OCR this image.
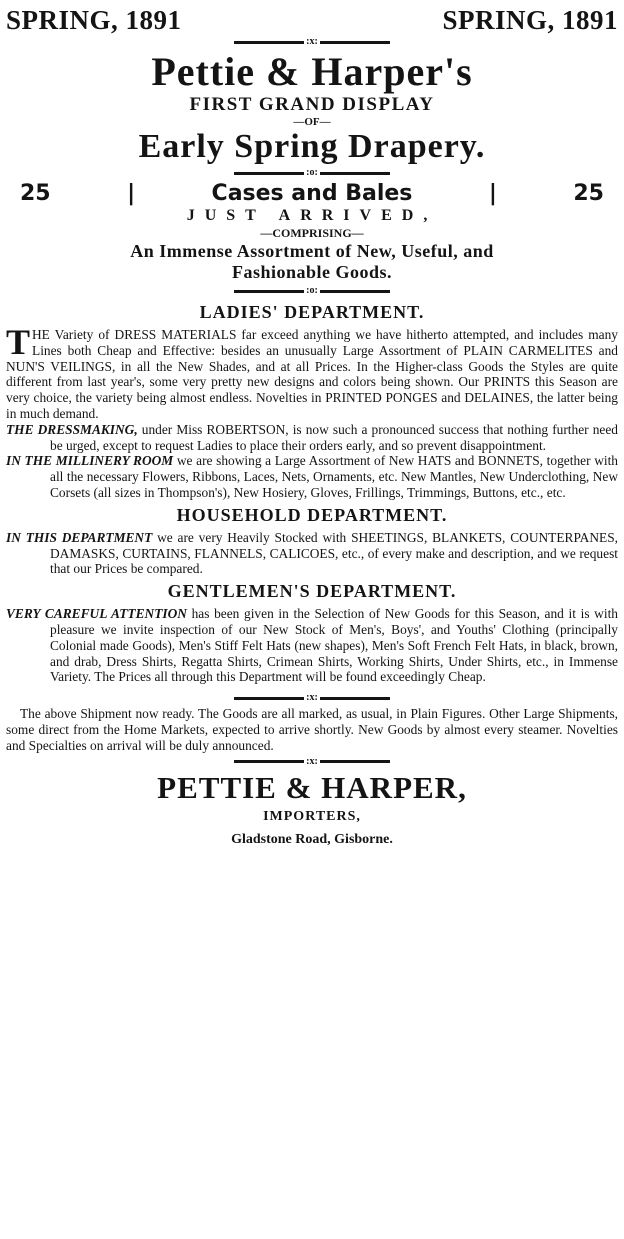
SPRING, 1891	SPRING, 1891
:x:

Pettie & Harper's

FIRST GRAND DISPLAY

—OF—

Early Spring Drapery.

:o:
25	|	Cases and Bales	|	25

JUST ARRIVED,

—COMPRISING—

An Immense Assortment of New, Useful, and

Fashionable Goods.

:o:

LADIES' DEPARTMENT.

THE Variety of DRESS MATERIALS far exceed anything we have hitherto attempted, and includes many Lines both Cheap and Effective: besides an unusually Large Assortment of PLAIN CARMELITES and NUN'S VEILINGS, in all the New Shades, and at all Prices. In the Higher-class Goods the Styles are quite different from last year's, some very pretty new designs and colors being shown. Our PRINTS this Season are very choice, the variety being almost endless. Novelties in PRINTED PONGES and DELAINES, the latter being in much demand.

THE DRESSMAKING, under Miss ROBERTSON, is now such a pronounced success that nothing further need be urged, except to request Ladies to place their orders early, and so prevent disappointment.

IN THE MILLINERY ROOM we are showing a Large Assortment of New HATS and BONNETS, together with all the necessary Flowers, Ribbons, Laces, Nets, Ornaments, etc. New Mantles, New Underclothing, New Corsets (all sizes in Thompson's), New Hosiery, Gloves, Frillings, Trimmings, Buttons, etc., etc.

HOUSEHOLD DEPARTMENT.

IN THIS DEPARTMENT we are very Heavily Stocked with SHEETINGS, BLANKETS, COUNTERPANES, DAMASKS, CURTAINS, FLANNELS, CALICOES, etc., of every make and description, and we request that our Prices be compared.

GENTLEMEN'S DEPARTMENT.

VERY CAREFUL ATTENTION has been given in the Selection of New Goods for this Season, and it is with pleasure we invite inspection of our New Stock of Men's, Boys', and Youths' Clothing (principally Colonial made Goods), Men's Stiff Felt Hats (new shapes), Men's Soft French Felt Hats, in black, brown, and drab, Dress Shirts, Regatta Shirts, Crimean Shirts, Working Shirts, Under Shirts, etc., in Immense Variety. The Prices all through this Department will be found exceedingly Cheap.

:x:

The above Shipment now ready. The Goods are all marked, as usual, in Plain Figures. Other Large Shipments, some direct from the Home Markets, expected to arrive shortly. New Goods by almost every steamer. Novelties and Specialties on arrival will be duly announced.

:x:

PETTIE & HARPER,

IMPORTERS,

Gladstone Road, Gisborne.
